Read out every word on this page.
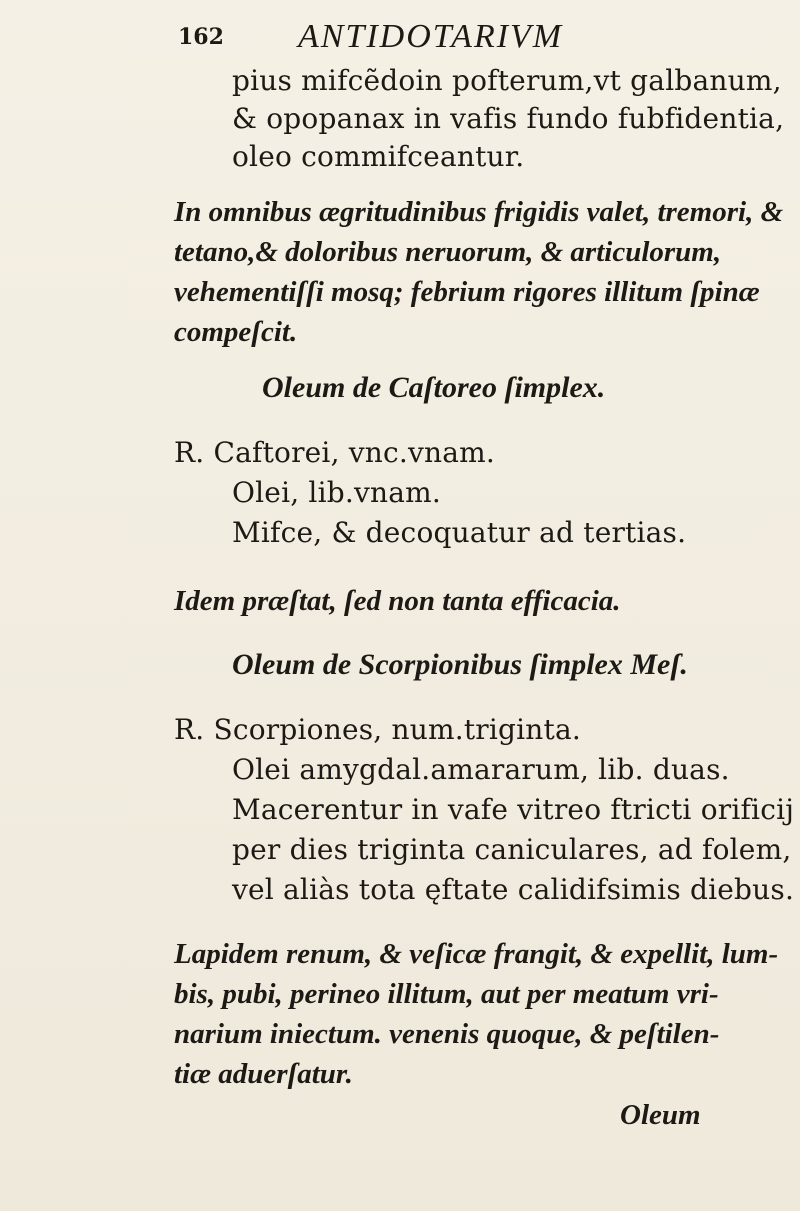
162 ANTIDOTARIVM
pius mifcẽdoin pofterum,vt galbanum,
& opopanax in vafis fundo fubfidentia,
oleo commifceantur.
In omnibus ægritudinibus frigidis valet, tremori, &
tetano,& doloribus neruorum, & articulorum,
vehementiſſi mosq; febrium rigores illitum ſpinæ
compeſcit.
Oleum de Caſtoreo ſimplex.
R. Caftorei, vnc.vnam.
Olei, lib.vnam.
Mifce, & decoquatur ad tertias.
Idem præſtat, ſed non tanta efficacia.
Oleum de Scorpionibus ſimplex Meſ.
R. Scorpiones, num.triginta.
Olei amygdal.amararum, lib. duas.
Macerentur in vafe vitreo ftricti orificij
per dies triginta caniculares, ad folem,
vel aliàs tota ęftate calidifsimis diebus.
Lapidem renum, & veſicæ frangit, & expellit, lum-
bis, pubi, perineo illitum, aut per meatum vri-
narium iniectum. venenis quoque, & peſtilen-
tiæ aduerſatur.
Oleum
